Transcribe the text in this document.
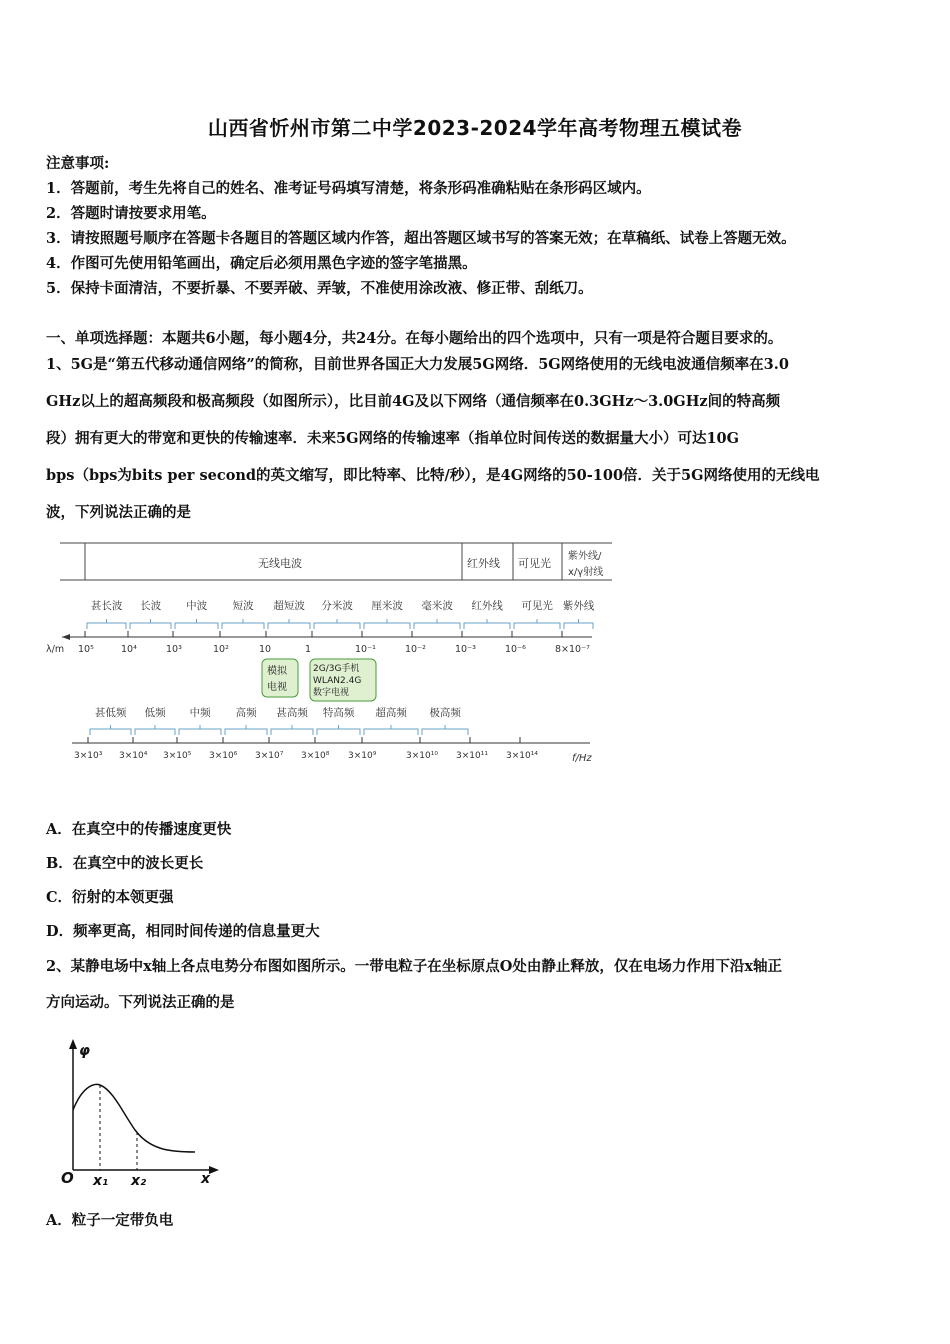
山西省忻州市第二中学2023-2024学年高考物理五模试卷
注意事项:
1．答题前，考生先将自己的姓名、准考证号码填写清楚，将条形码准确粘贴在条形码区域内。
2．答题时请按要求用笔。
3．请按照题号顺序在答题卡各题目的答题区域内作答，超出答题区域书写的答案无效；在草稿纸、试卷上答题无效。
4．作图可先使用铅笔画出，确定后必须用黑色字迹的签字笔描黑。
5．保持卡面清洁，不要折暴、不要弄破、弄皱，不准使用涂改液、修正带、刮纸刀。
一、单项选择题：本题共6小题，每小题4分，共24分。在每小题给出的四个选项中，只有一项是符合题目要求的。
1、5G是“第五代移动通信网络”的简称，目前世界各国正大力发展5G网络．5G网络使用的无线电波通信频率在3.0
GHz以上的超高频段和极高频段（如图所示），比目前4G及以下网络（通信频率在0.3GHz～3.0GHz间的特高频
段）拥有更大的带宽和更快的传输速率．未来5G网络的传输速率（指单位时间传送的数据量大小）可达10G
bps（bps为bits per second的英文缩写，即比特率、比特/秒），是4G网络的50-100倍．关于5G网络使用的无线电
波，下列说法正确的是
无线电波	红外线 可见光
紫外线/
x/γ射线
甚长波 长波 中波 短波 超短波 分米波 厘米波 毫米波 红外线 可见光 紫外线
λ/m 10⁵	10⁴	10³	10²	10	1	10⁻¹	10⁻²	10⁻³	10⁻⁶	8×10⁻⁷
模拟
电视
2G/3G手机
WLAN2.4G
数字电视
甚低频 低频 中频 高频 甚高频 特高频 超高频 极高频
3×10³ 3×10⁴ 3×10⁵ 3×10⁶ 3×10⁷ 3×10⁸ 3×10⁹	3×10¹⁰ 3×10¹¹ 3×10¹⁴	f/Hz
A．在真空中的传播速度更快
B．在真空中的波长更长
C．衍射的本领更强
D．频率更高，相同时间传递的信息量更大
2、某静电场中x轴上各点电势分布图如图所示。一带电粒子在坐标原点O处由静止释放，仅在电场力作用下沿x轴正
方向运动。下列说法正确的是
φ
O x₁ x₂	x
A．粒子一定带负电
